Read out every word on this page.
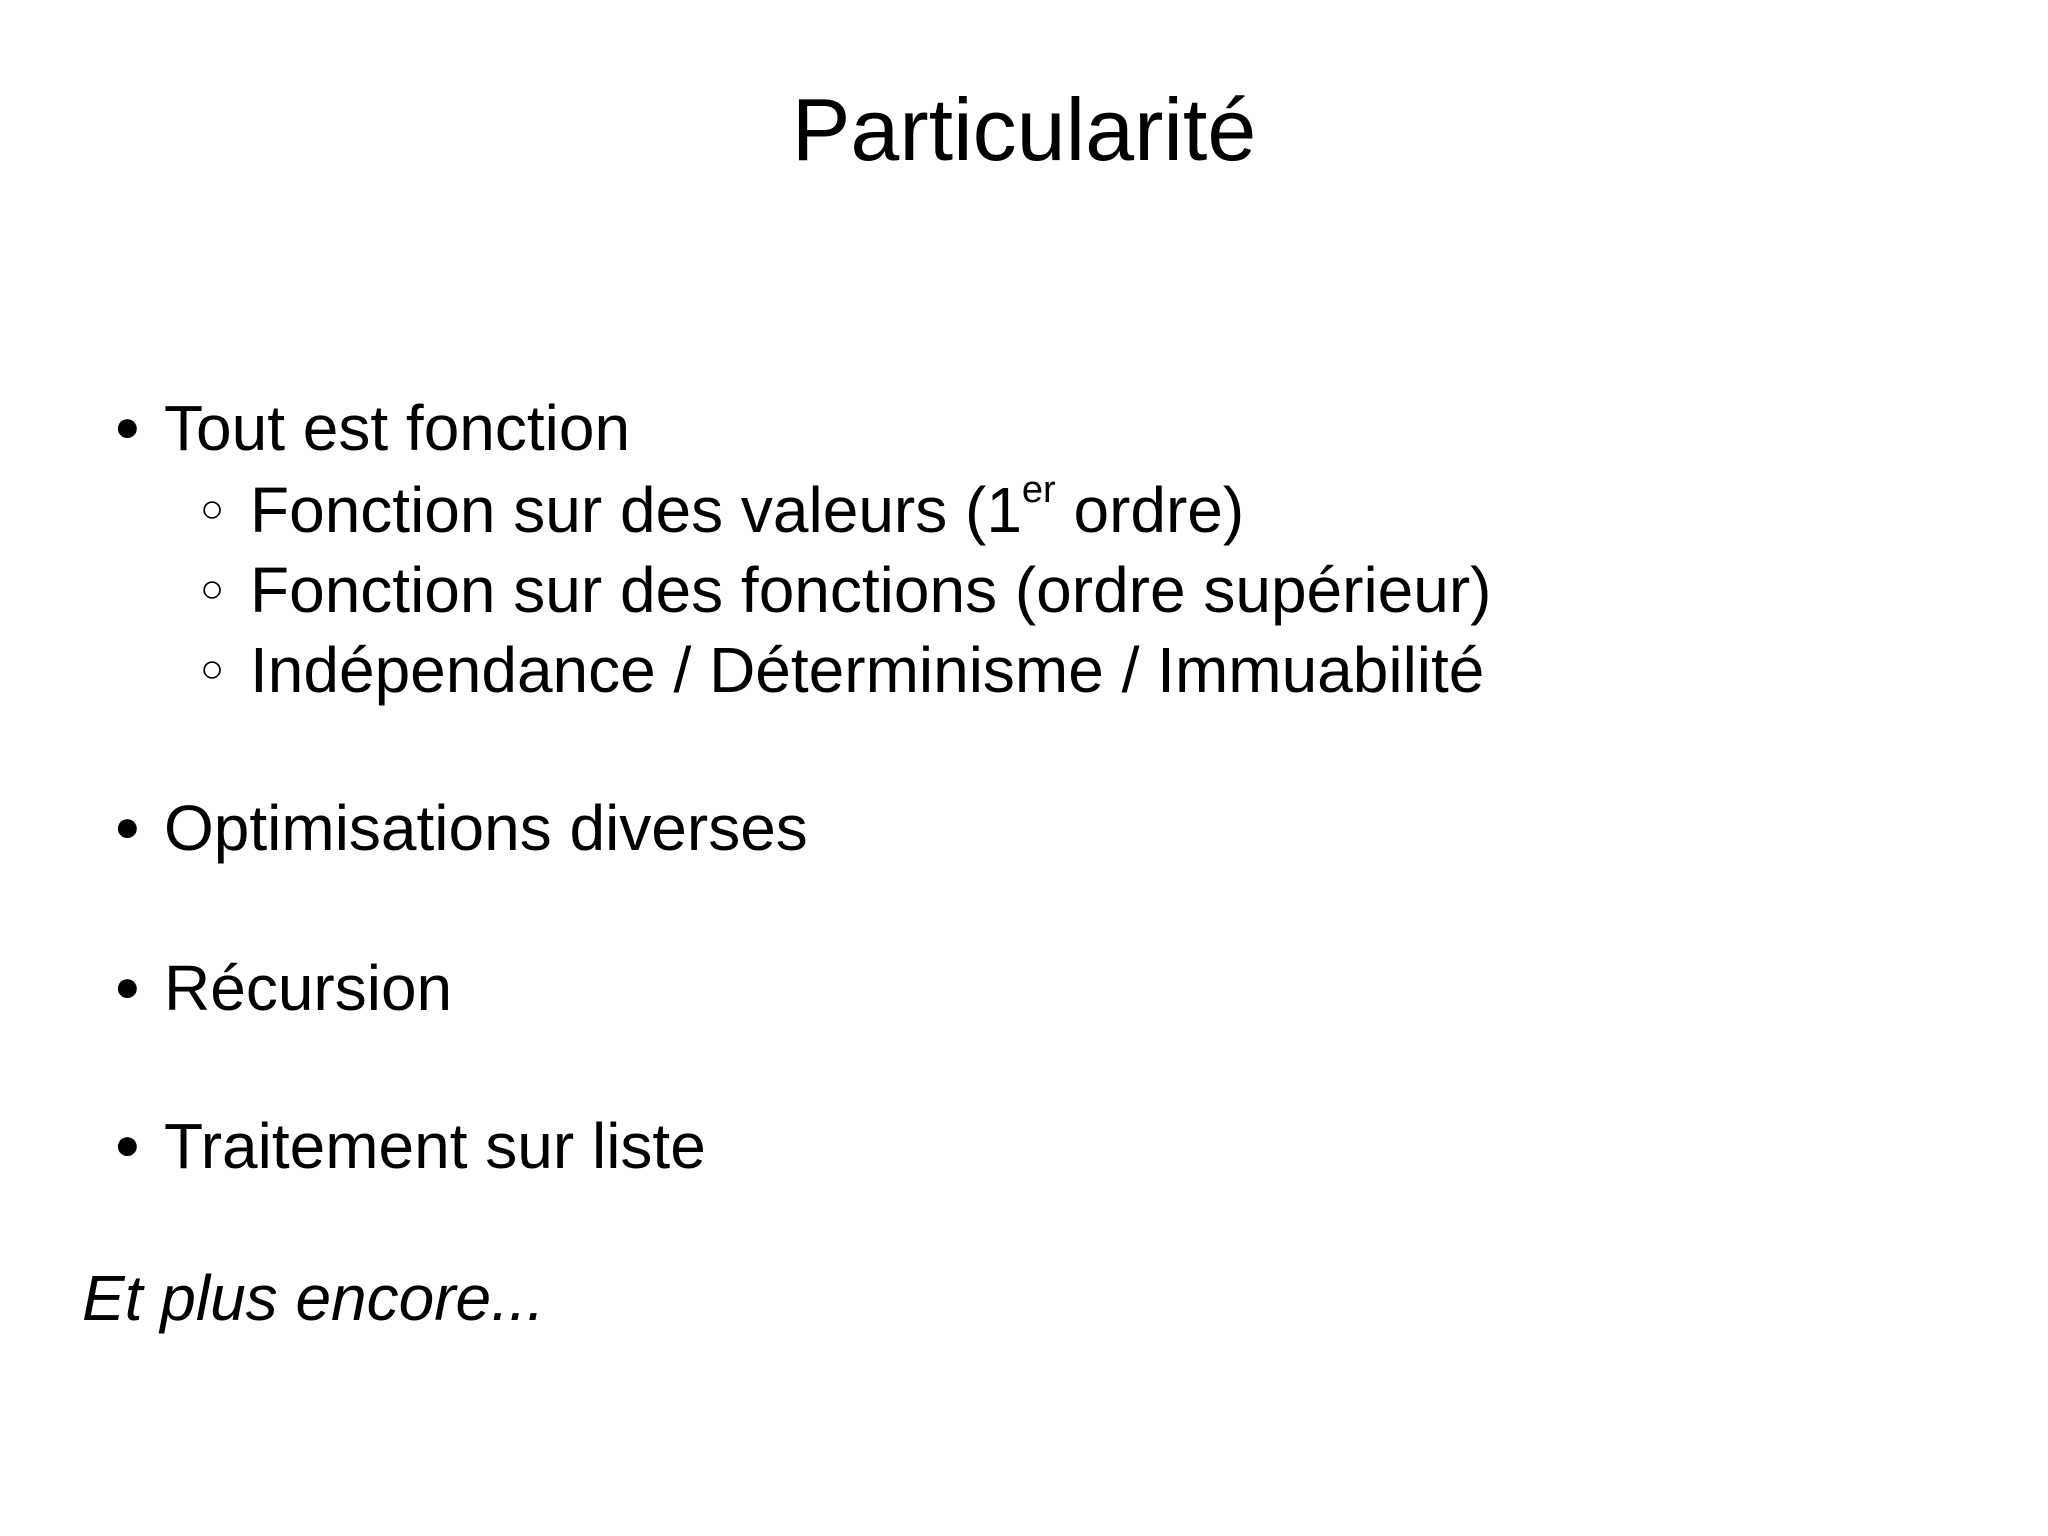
Particularité
● Tout est fonction
○ Fonction sur des valeurs (1er ordre)
○ Fonction sur des fonctions (ordre supérieur)
○ Indépendance / Déterminisme / Immuabilité
● Optimisations diverses
● Récursion
● Traitement sur liste
Et plus encore...
